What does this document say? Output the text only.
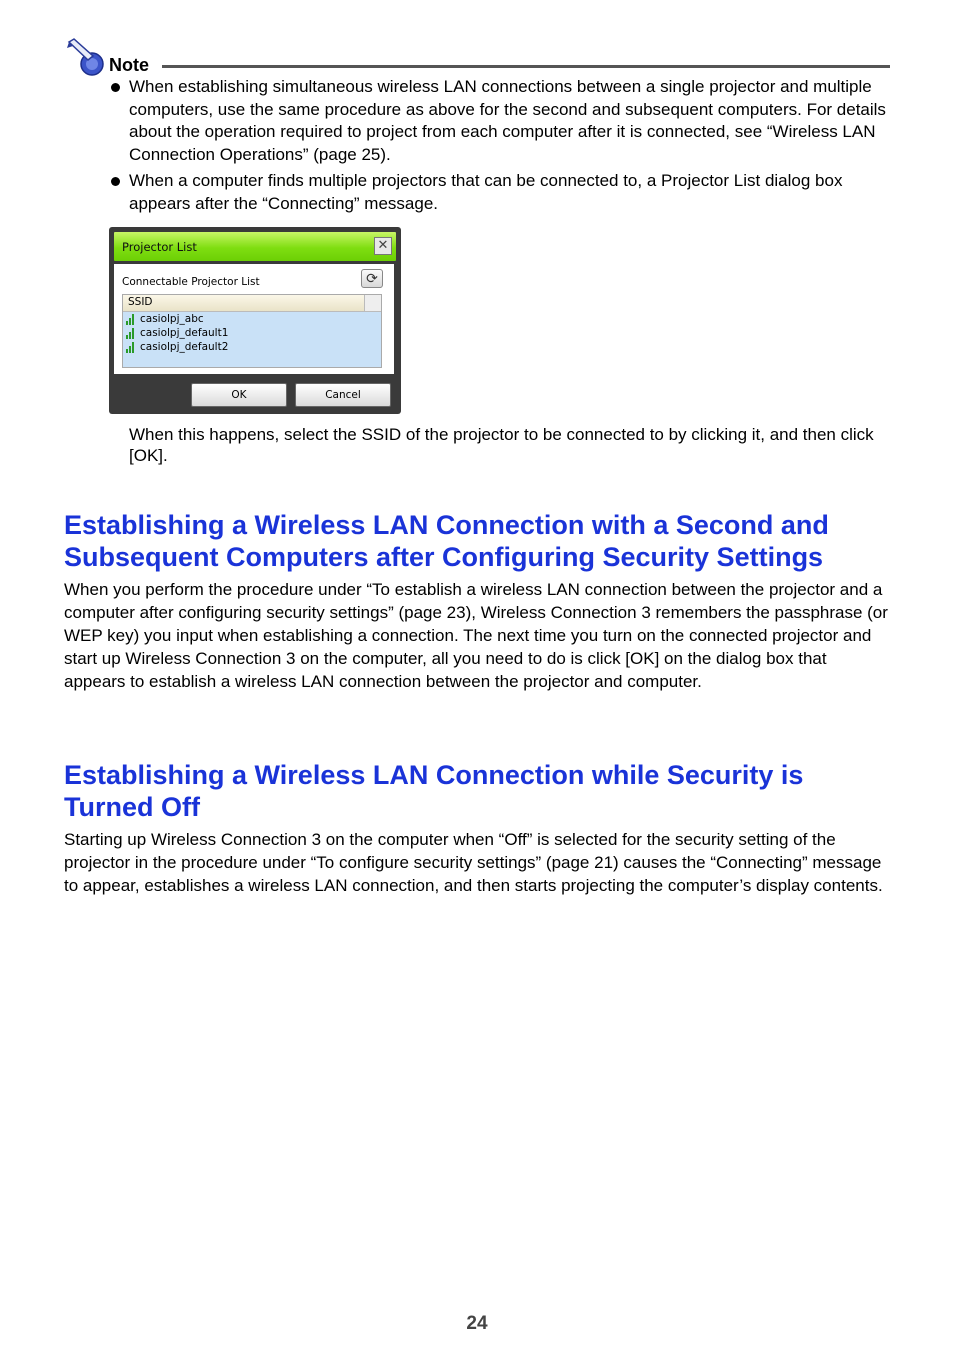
Note
When establishing simultaneous wireless LAN connections between a single projector and multiple computers, use the same procedure as above for the second and subsequent computers. For details about the operation required to project from each computer after it is connected, see “Wireless LAN Connection Operations” (page 25).
When a computer finds multiple projectors that can be connected to, a Projector List dialog box appears after the “Connecting” message.
Projector List	✕
Connectable Projector List	⟳
SSID
casiolpj_abc
casiolpj_default1
casiolpj_default2
OK	Cancel

When this happens, select the SSID of the projector to be connected to by clicking it, and then click [OK].

Establishing a Wireless LAN Connection with a Second and Subsequent Computers after Configuring Security Settings

When you perform the procedure under “To establish a wireless LAN connection between the projector and a computer after configuring security settings” (page 23), Wireless Connection 3 remembers the passphrase (or WEP key) you input when establishing a connection. The next time you turn on the connected projector and start up Wireless Connection 3 on the computer, all you need to do is click [OK] on the dialog box that appears to establish a wireless LAN connection between the projector and computer.

Establishing a Wireless LAN Connection while Security is Turned Off

Starting up Wireless Connection 3 on the computer when “Off” is selected for the security setting of the projector in the procedure under “To configure security settings” (page 21) causes the “Connecting” message to appear, establishes a wireless LAN connection, and then starts projecting the computer’s display contents.

24
